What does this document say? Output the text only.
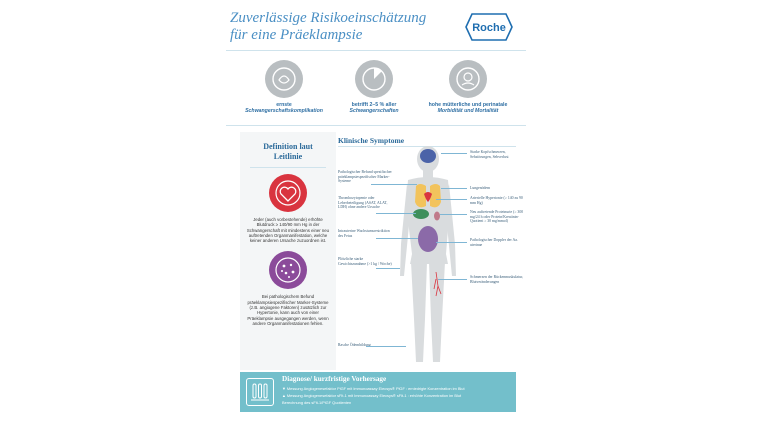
Zuverlässige Risikoeinschätzung
für eine Präeklampsie	Roche
ernste
Schwangerschaftskomplikation
betrifft 2–5 % aller
Schwangerschaften
hohe mütterliche und perinatale
Morbidität und Mortalität
Definition laut
Leitlinie
Jeder (auch vorbestehende) erhöhte Blutdruck ≥ 140/90 mm Hg in der Schwangerschaft mit mindestens einer neu auftretenden Organmanifestation, welche keiner anderen Ursache zuzuordnen ist.
Bei pathologischem Befund präeklampsiespezifischer Marker-Systeme (z.B. angiogene Faktoren) zusätzlich zur Hypertonie, kann auch von einer Präeklampsie ausgegangen werden, wenn andere Organmanifestationen fehlen.
Klinische Symptome
Pathologischer Befund spezifischer präeklampsiespezifischer Marker-Systeme
Thrombozytopenie oder Leberbeteiligung (ASAT, ALAT, LDH) ohne andere Ursache
Intrauterine Wachstumsrestriktion des Fetus
Plötzliche starke Gewichtszunahme (>1 kg / Woche)
Rasche Ödembildung
Starke Kopfschmerzen, Sehstörungen, Sehverlust
Lungenödem
Arterielle Hypertonie (≥ 140 zu 90 mm Hg)
Neu auftretende Proteinurie (≥ 300 mg/24 h oder Protein/Kreatinin-Quotient ≥ 30 mg/mmol)
Pathologischer Doppler der Aa. uterinae
Schmerzen der Rückenmuskulatur, Blutveränderungen
Diagnose/ kurzfristige Vorhersage
▼ Messung Angiogenesefaktor PlGF mit Immunoassay Elecsys® PlGF : erniedrigte Konzentration im Blut
▲ Messung Angiogenesefaktor sFlt-1 mit Immunoassay Elecsys® sFlt-1 : erhöhte Konzentration im Blut
Berechnung des sFlt-1/PlGF Quotienten
